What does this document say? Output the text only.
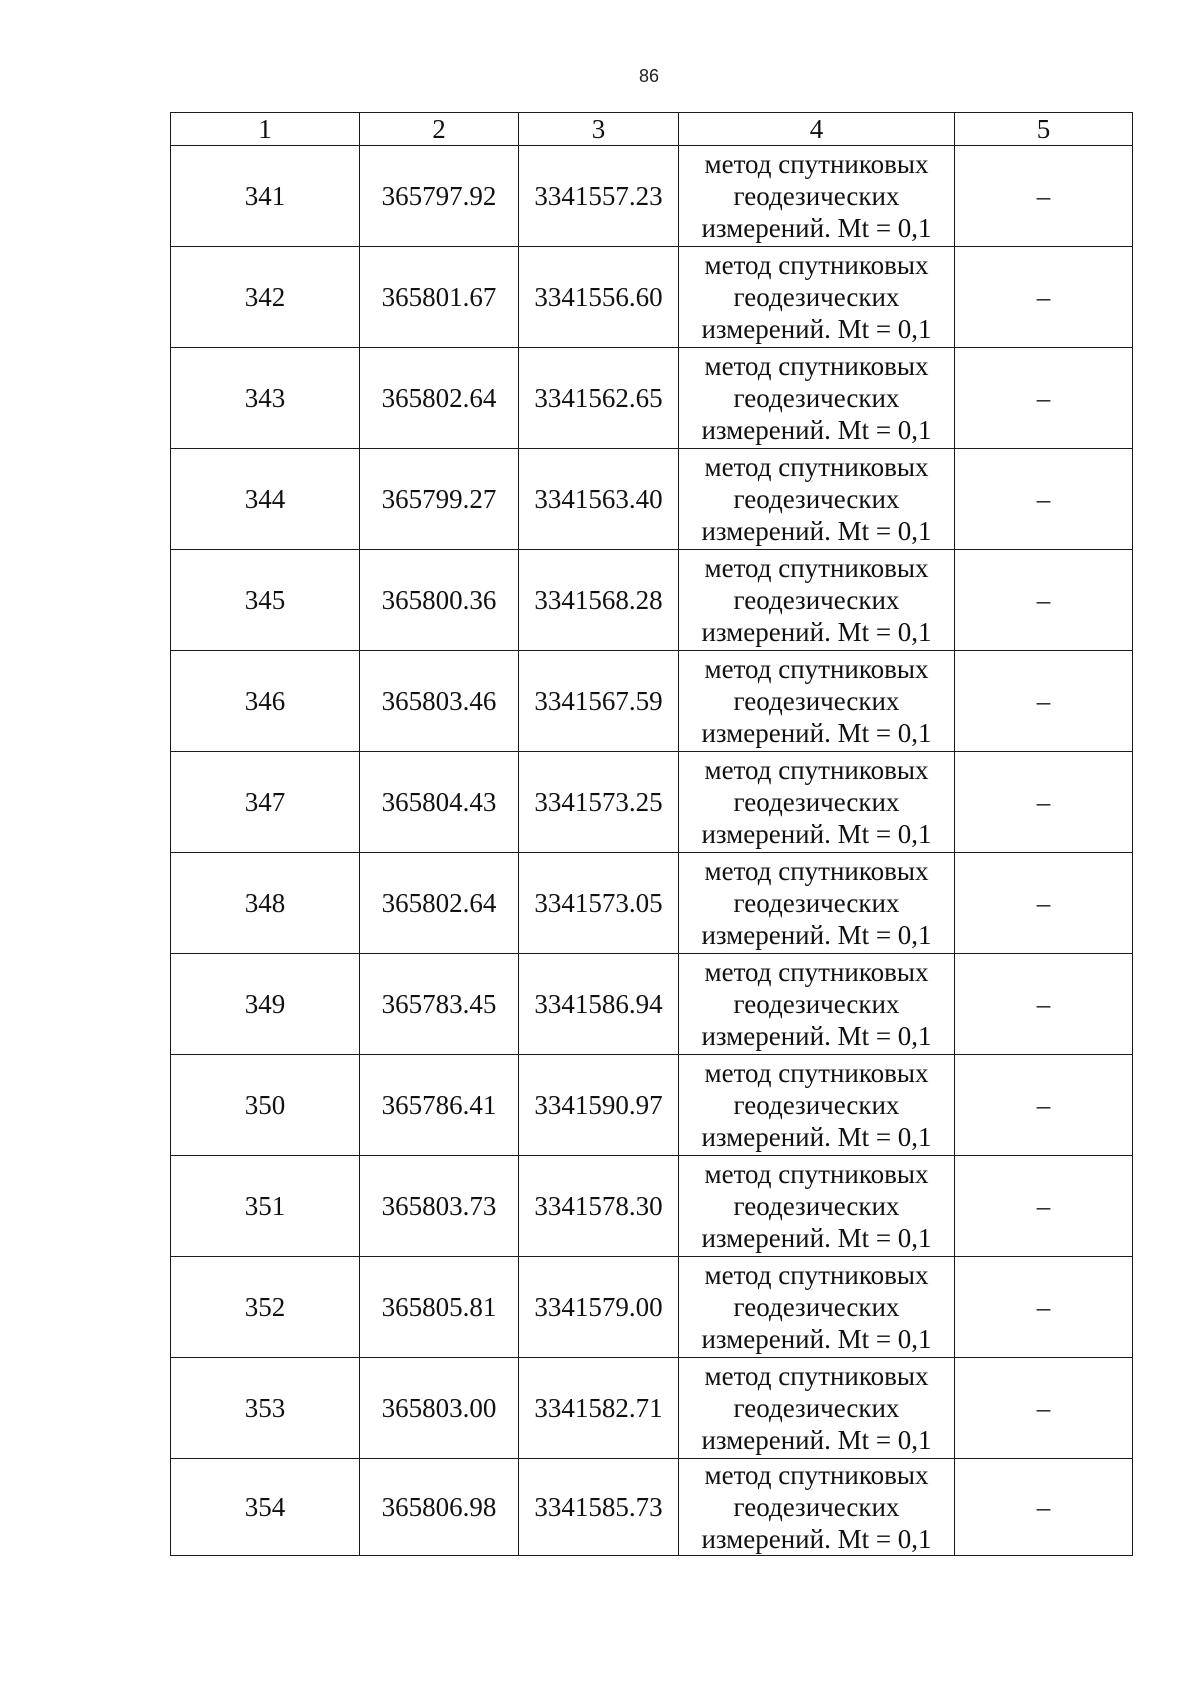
86
1	2	3	4	5
341	365797.92	3341557.23	метод спутниковых
геодезических
измерений. Mt = 0,1	–
342	365801.67	3341556.60	метод спутниковых
геодезических
измерений. Mt = 0,1	–
343	365802.64	3341562.65	метод спутниковых
геодезических
измерений. Mt = 0,1	–
344	365799.27	3341563.40	метод спутниковых
геодезических
измерений. Mt = 0,1	–
345	365800.36	3341568.28	метод спутниковых
геодезических
измерений. Mt = 0,1	–
346	365803.46	3341567.59	метод спутниковых
геодезических
измерений. Mt = 0,1	–
347	365804.43	3341573.25	метод спутниковых
геодезических
измерений. Mt = 0,1	–
348	365802.64	3341573.05	метод спутниковых
геодезических
измерений. Mt = 0,1	–
349	365783.45	3341586.94	метод спутниковых
геодезических
измерений. Mt = 0,1	–
350	365786.41	3341590.97	метод спутниковых
геодезических
измерений. Mt = 0,1	–
351	365803.73	3341578.30	метод спутниковых
геодезических
измерений. Mt = 0,1	–
352	365805.81	3341579.00	метод спутниковых
геодезических
измерений. Mt = 0,1	–
353	365803.00	3341582.71	метод спутниковых
геодезических
измерений. Mt = 0,1	–
354	365806.98	3341585.73	метод спутниковых
геодезических
измерений. Mt = 0,1	–
